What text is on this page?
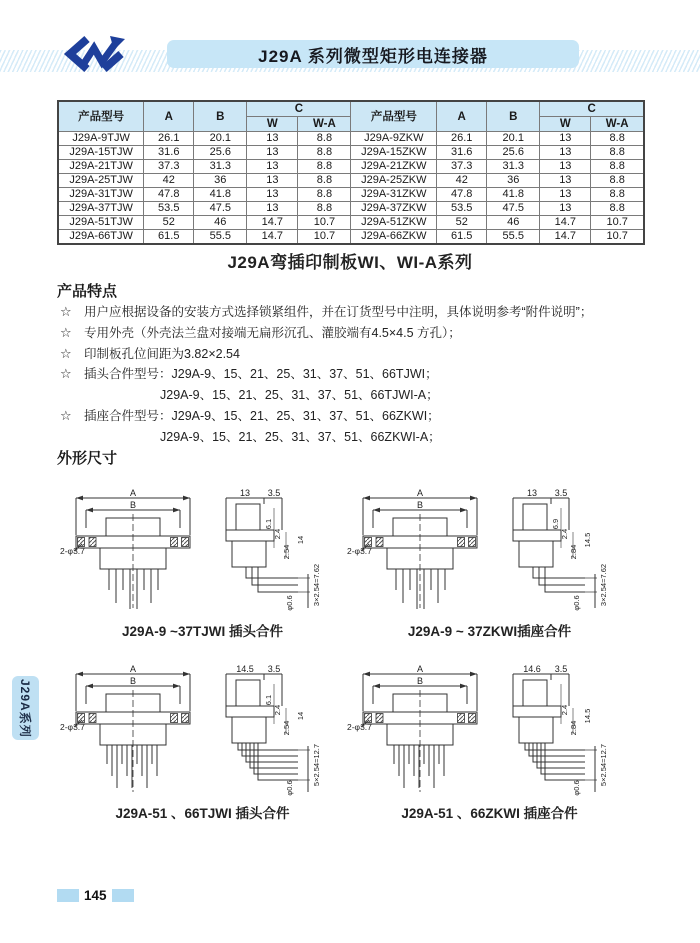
J29A 系列微型矩形电连接器
产品型号	A	B	C		产品型号	A	B	C	
			W	W-A				W	W-A
J29A-9TJW	26.1	20.1	13	8.8	J29A-9ZKW	26.1	20.1	13	8.8
J29A-15TJW	31.6	25.6	13	8.8	J29A-15ZKW	31.6	25.6	13	8.8
J29A-21TJW	37.3	31.3	13	8.8	J29A-21ZKW	37.3	31.3	13	8.8
J29A-25TJW	42	36	13	8.8	J29A-25ZKW	42	36	13	8.8
J29A-31TJW	47.8	41.8	13	8.8	J29A-31ZKW	47.8	41.8	13	8.8
J29A-37TJW	53.5	47.5	13	8.8	J29A-37ZKW	53.5	47.5	13	8.8
J29A-51TJW	52	46	14.7	10.7	J29A-51ZKW	52	46	14.7	10.7
J29A-66TJW	61.5	55.5	14.7	10.7	J29A-66ZKW	61.5	55.5	14.7	10.7
J29A弯插印制板WI、WI-A系列
产品特点
☆ 用户应根据设备的安装方式选择锁紧组件，并在订货型号中注明，具体说明参考“附件说明”；
☆ 专用外壳（外壳法兰盘对接端无扁形沉孔、灌胶端有4.5×4.5 方孔）；
☆ 印制板孔位间距为3.82×2.54
☆ 插头合件型号：J29A-9、15、21、25、31、37、51、66TJWI；
J29A-9、15、21、25、31、37、51、66TJWI-A；
☆ 插座合件型号：J29A-9、15、21、25、31、37、51、66ZKWI；
J29A-9、15、21、25、31、37、51、66ZKWI-A；
外形尺寸
A
B
2-φ3.7
13 3.5
6.1
2.4
2.54
14
3×2.54=7.62
φ0.6
J29A-9 ~37TJWI 插头合件
A
B
2-φ3.7
13 3.5
6.9
2.4
2.84
14.5
3×2.54=7.62
φ0.6
J29A-9 ~ 37ZKWI插座合件
A
B
2-φ3.7
14.5 3.5
6.1
2.4
2.54
14
5×2.54=12.7
φ0.6
J29A-51 、66TJWI 插头合件
A
B
2-φ3.7
14.6 3.5
2.4
2.84
14.5
5×2.54=12.7
φ0.6
J29A-51 、66ZKWI 插座合件
J29A系列
145
